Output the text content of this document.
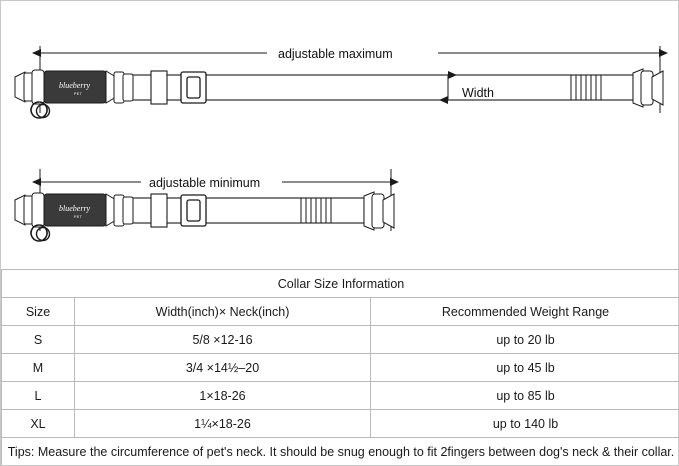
blueberry
PET
adjustable maximum
Width
blueberry
PET
adjustable minimum
Collar Size Information		
Size	Width(inch)× Neck(inch)	Recommended Weight Range
S	5/8 ×12-16	up to 20 lb
M	3/4 ×14½–20	up to 45 lb
L	1×18-26	up to 85 lb
XL	1¼×18-26	up to 140 lb
Tips: Measure the circumference of pet's neck. It should be snug enough to fit 2fingers between dog's neck & their collar.		
